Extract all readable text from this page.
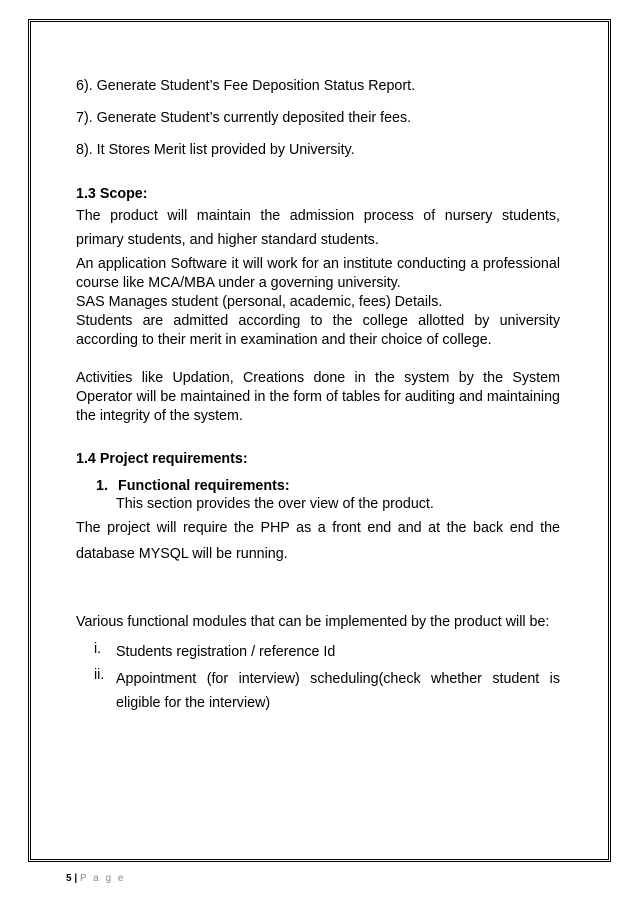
6). Generate Student’s Fee Deposition Status Report.

7). Generate Student’s currently deposited their fees.

8). It Stores Merit list provided by University.

1.3 Scope:

The product will maintain the admission process of nursery students, primary students, and higher standard students.

An application Software it will work for an institute conducting a professional course like MCA/MBA under a governing university.

SAS Manages student (personal, academic, fees) Details.

Students are admitted according to the college allotted by university according to their merit in examination and their choice of college.

Activities like Updation, Creations done in the system by the System Operator will be maintained in the form of tables for auditing and maintaining the integrity of the system.

1.4 Project requirements:

1. Functional requirements:

This section provides the over view of the product.

The project will require the PHP as a front end and at the back end the database MYSQL will be running.

Various functional modules that can be implemented by the product will be:

i.	Students registration / reference Id
ii. Appointment (for interview) scheduling(check whether student is eligible for the interview)
5 | P a g e
